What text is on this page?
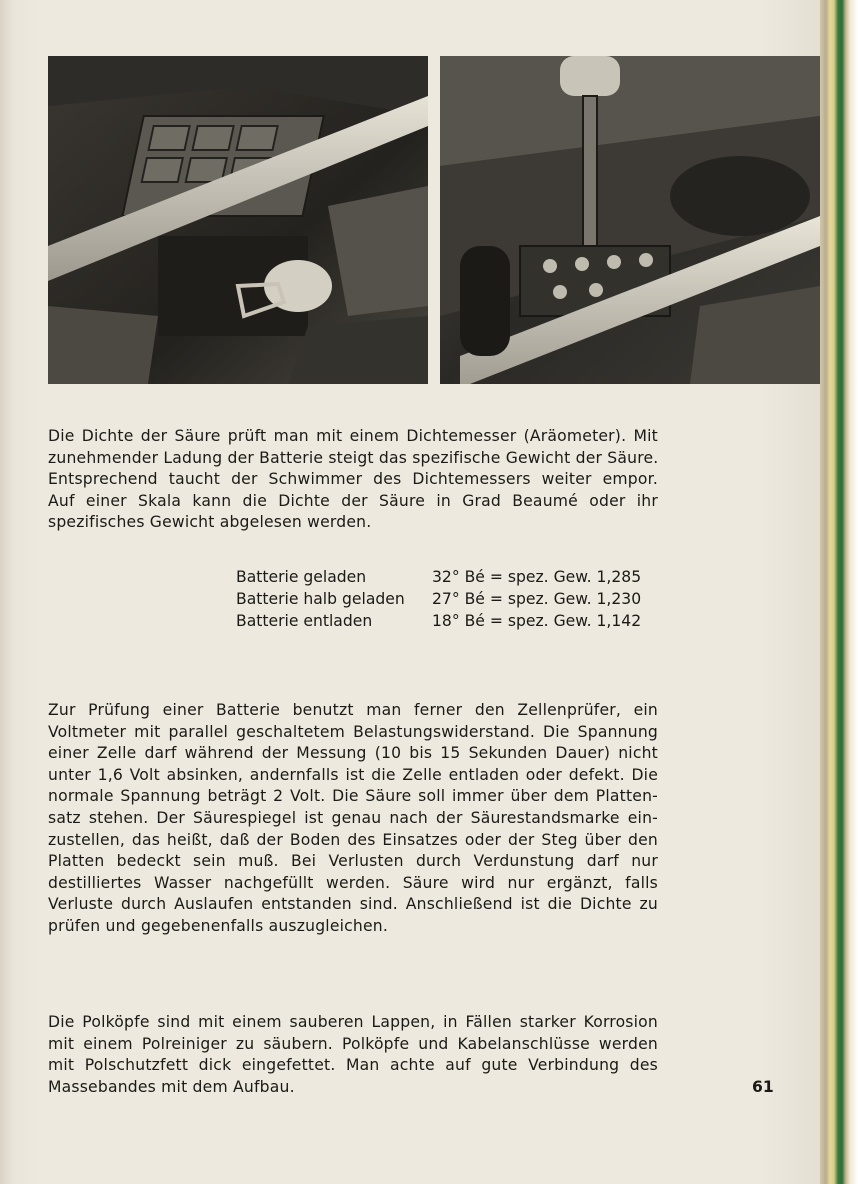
Die Dichte der Säure prüft man mit einem Dichtemesser (Aräometer). Mit
zunehmender Ladung der Batterie steigt das spezifische Gewicht der Säure.
Entsprechend taucht der Schwimmer des Dichtemessers weiter empor.
Auf einer Skala kann die Dichte der Säure in Grad Beaumé oder ihr
spezifisches Gewicht abgelesen werden.
Batterie geladen	32° Bé = spez. Gew. 1,285
Batterie halb geladen	27° Bé = spez. Gew. 1,230
Batterie entladen	18° Bé = spez. Gew. 1,142
Zur Prüfung einer Batterie benutzt man ferner den Zellenprüfer, ein
Voltmeter mit parallel geschaltetem Belastungswiderstand. Die Spannung
einer Zelle darf während der Messung (10 bis 15 Sekunden Dauer) nicht
unter 1,6 Volt absinken, andernfalls ist die Zelle entladen oder defekt. Die
normale Spannung beträgt 2 Volt. Die Säure soll immer über dem Platten-
satz stehen. Der Säurespiegel ist genau nach der Säurestandsmarke ein-
zustellen, das heißt, daß der Boden des Einsatzes oder der Steg über den
Platten bedeckt sein muß. Bei Verlusten durch Verdunstung darf nur
destilliertes Wasser nachgefüllt werden. Säure wird nur ergänzt, falls
Verluste durch Auslaufen entstanden sind. Anschließend ist die Dichte zu
prüfen und gegebenenfalls auszugleichen.
Die Polköpfe sind mit einem sauberen Lappen, in Fällen starker Korrosion
mit einem Polreiniger zu säubern. Polköpfe und Kabelanschlüsse werden
mit Polschutzfett dick eingefettet. Man achte auf gute Verbindung des
Massebandes mit dem Aufbau.	61
